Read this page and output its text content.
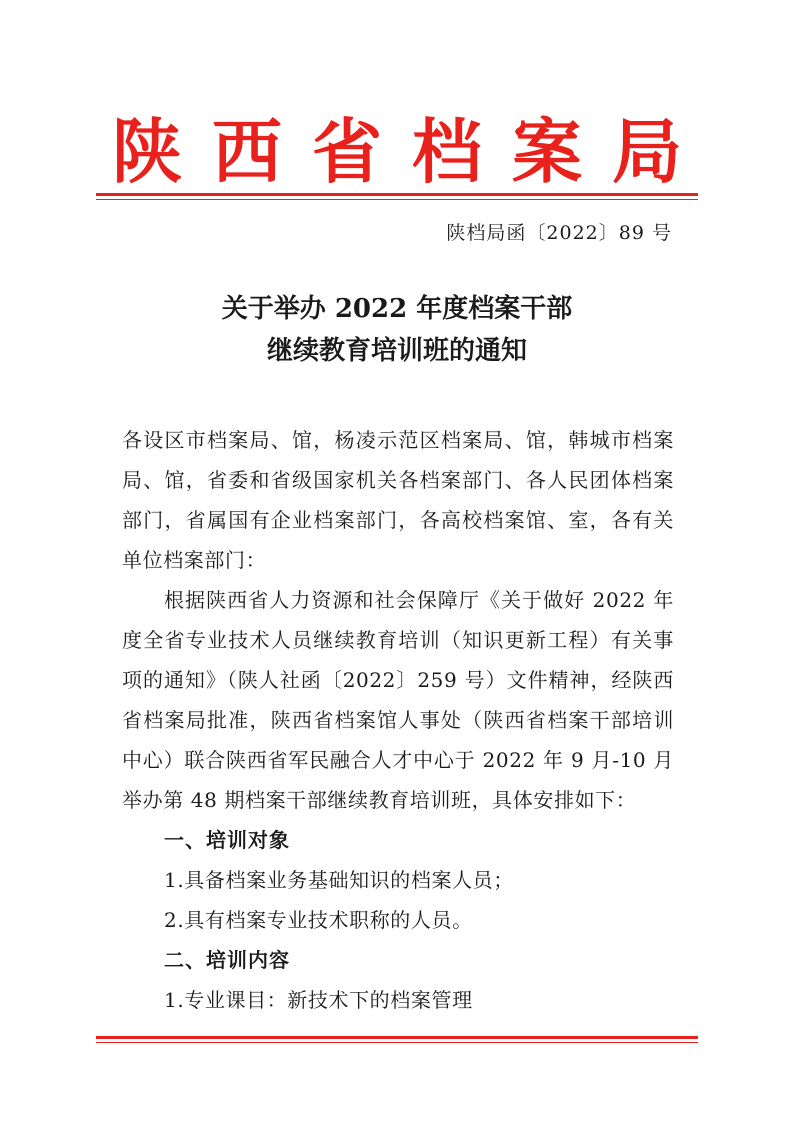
陕 西 省 档 案 局
陕档局函〔2022〕89 号
关于举办 2022 年度档案干部
继续教育培训班的通知

各设区市档案局、馆，杨凌示范区档案局、馆，韩城市档案局、馆，省委和省级国家机关各档案部门、各人民团体档案部门，省属国有企业档案部门，各高校档案馆、室，各有关单位档案部门：

根据陕西省人力资源和社会保障厅《关于做好 2022 年度全省专业技术人员继续教育培训（知识更新工程）有关事项的通知》（陕人社函〔2022〕259 号）文件精神，经陕西省档案局批准，陕西省档案馆人事处（陕西省档案干部培训中心）联合陕西省军民融合人才中心于 2022 年 9 月-10 月举办第 48 期档案干部继续教育培训班，具体安排如下：

一、培训对象

1.具备档案业务基础知识的档案人员；

2.具有档案专业技术职称的人员。

二、培训内容

1.专业课目：新技术下的档案管理
